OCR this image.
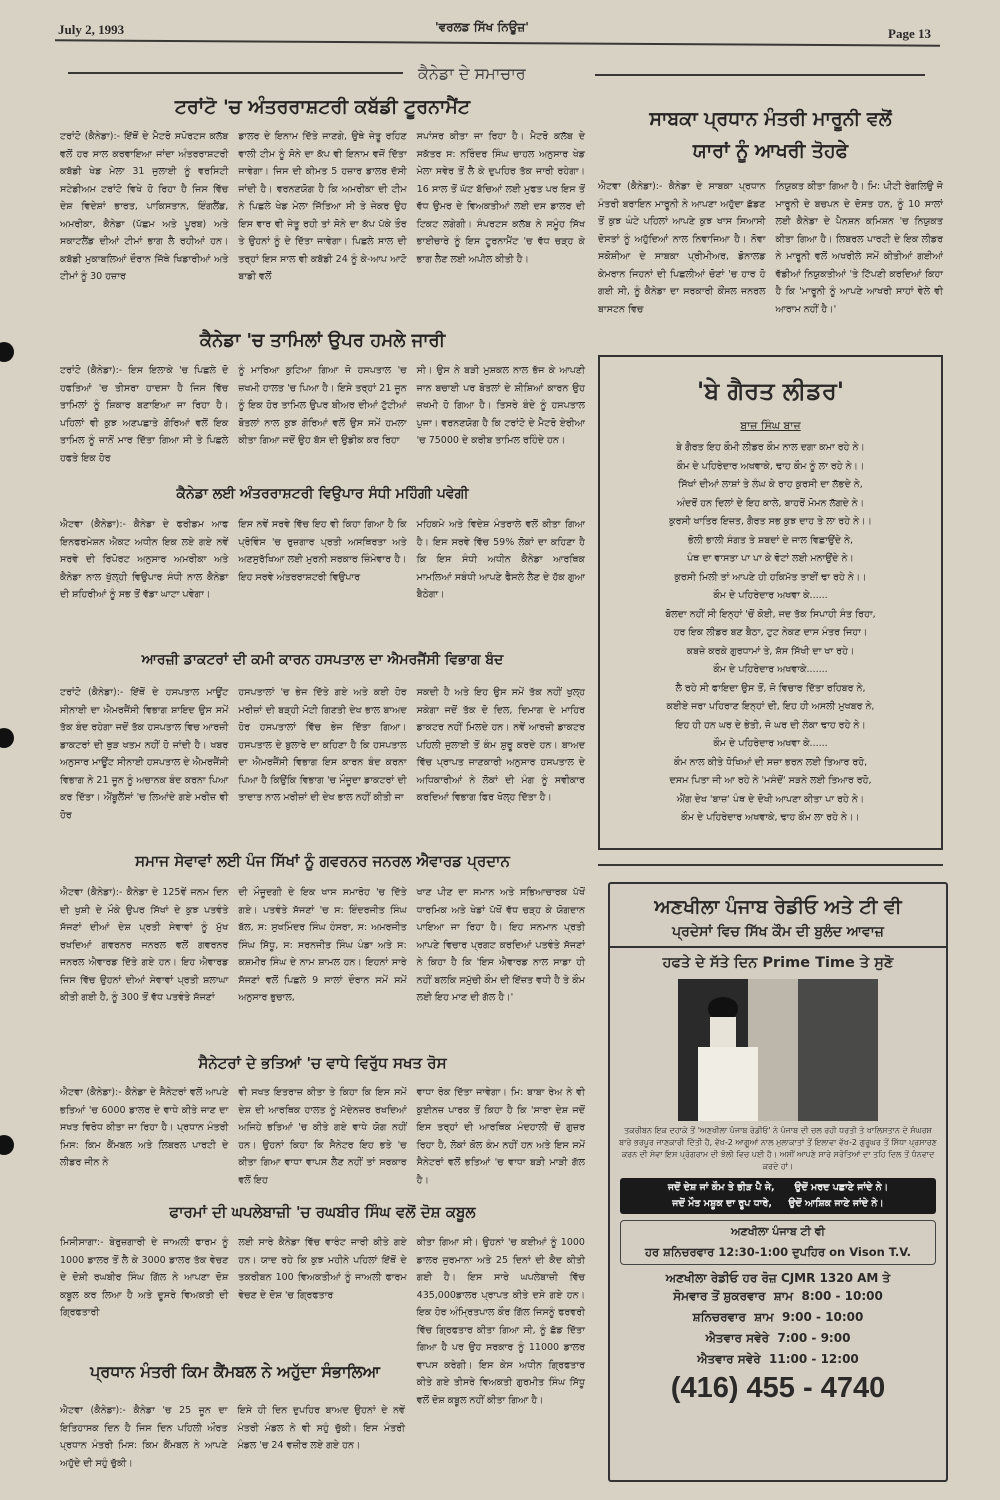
July 2, 1993	'ਵਰਲਡ ਸਿੱਖ ਨਿਊਜ਼'	Page 13
ਕੈਨੇਡਾ ਦੇ ਸਮਾਚਾਰ
ਟਰਾਂਟੋ 'ਚ ਅੰਤਰਰਾਸ਼ਟਰੀ ਕਬੱਡੀ ਟੂਰਨਾਮੈਂਟ
ਟਰਾਂਟੋ (ਕੈਨੇਡਾ):- ਇੱਥੋਂ ਦੇ ਮੈਟਰੋ ਸਪੋਰਟਸ ਕਲੱਬ ਵਲੋਂ ਹਰ ਸਾਲ ਕਰਵਾਇਆ ਜਾਂਦਾ ਅੰਤਰਰਾਸ਼ਟਰੀ ਕਬੱਡੀ ਖੇਡ ਮੇਲਾ 31 ਜੁਲਾਈ ਨੂੰ ਵਰਸਿਟੀ ਸਟੇਡੀਅਮ ਟਰਾਂਟੋ ਵਿਖੇ ਹੋ ਰਿਹਾ ਹੈ ਜਿਸ ਵਿੱਚ ਦੇਸ਼ ਵਿਦੇਸ਼ਾਂ ਭਾਰਤ, ਪਾਕਿਸਤਾਨ, ਇੰਗਲੈਂਡ, ਅਮਰੀਕਾ, ਕੈਨੇਡਾ (ਪੱਛਮ ਅਤੇ ਪੂਰਬ) ਅਤੇ ਸਕਾਟਲੈਂਡ ਦੀਆਂ ਟੀਮਾਂ ਭਾਗ ਲੈ ਰਹੀਆਂ ਹਨ। ਕਬੱਡੀ ਮੁਕਾਬਲਿਆਂ ਦੌਰਾਨ ਜਿੱਥੇ ਖਿਡਾਰੀਆਂ ਅਤੇ ਟੀਮਾਂ ਨੂੰ 30 ਹਜ਼ਾਰ
ਡਾਲਰ ਦੇ ਇਨਾਮ ਦਿੱਤੇ ਜਾਣਗੇ, ਉਥੇ ਜੇਤੂ ਰਹਿਣ ਵਾਲੀ ਟੀਮ ਨੂੰ ਸੋਨੇ ਦਾ ਕੱਪ ਵੀ ਇਨਾਮ ਵਜੋਂ ਦਿੱਤਾ ਜਾਵੇਗਾ। ਜਿਸ ਦੀ ਕੀਮਤ 5 ਹਜ਼ਾਰ ਡਾਲਰ ਦੱਸੀ ਜਾਂਦੀ ਹੈ। ਵਰਨਣਯੋਗ ਹੈ ਕਿ ਅਮਰੀਕਾ ਦੀ ਟੀਮ ਨੇ ਪਿਛਲੇ ਖੇਡ ਮੇਲਾ ਜਿੱਤਿਆ ਸੀ ਤੇ ਜੇਕਰ ਉਹ ਇਸ ਵਾਰ ਵੀ ਜੇਤੂ ਰਹੀ ਤਾਂ ਸੋਨੇ ਦਾ ਕੱਪ ਪੱਕੇ ਤੌਰ ਤੇ ਉਹਨਾਂ ਨੂੰ ਦੇ ਦਿੱਤਾ ਜਾਵੇਗਾ। ਪਿਛਲੇ ਸਾਲ ਦੀ ਤਰ੍ਹਾਂ ਇਸ ਸਾਲ ਵੀ ਕਬੱਡੀ 24 ਨੂੰ ਕੇ-ਆਪ ਆਟੋ ਬਾਡੀ ਵਲੋਂ
ਸਪਾਂਸਰ ਕੀਤਾ ਜਾ ਰਿਹਾ ਹੈ। ਮੈਟਰੋ ਕਲੱਬ ਦੇ ਸਕੱਤਰ ਸ: ਨਰਿੰਦਰ ਸਿੰਘ ਚਾਹਲ ਅਨੁਸਾਰ ਖੇਡ ਮੇਲਾ ਸਵੇਰ ਤੋਂ ਲੈ ਕੇ ਦੁਪਹਿਰ ਤੱਕ ਜਾਰੀ ਰਹੇਗਾ। 16 ਸਾਲ ਤੋਂ ਘੱਟ ਬੱਚਿਆਂ ਲਈ ਮੁਫਤ ਪਰ ਇਸ ਤੋਂ ਵੱਧ ਉਮਰ ਦੇ ਵਿਅਕਤੀਆਂ ਲਈ ਦਸ ਡਾਲਰ ਦੀ ਟਿਕਟ ਲਗੇਗੀ। ਸੰਪਰਟਸ ਕਲੱਬ ਨੇ ਸਮੂੰਹ ਸਿੱਖ ਭਾਈਚਾਰੇ ਨੂੰ ਇਸ ਟੂਰਨਾਮੈਂਟ 'ਚ ਵੱਧ ਚੜ੍ਹ ਕੇ ਭਾਗ ਲੈਣ ਲਈ ਅਪੀਲ ਕੀਤੀ ਹੈ।
ਕੈਨੇਡਾ 'ਚ ਤਾਮਿਲਾਂ ਉਪਰ ਹਮਲੇ ਜਾਰੀ
ਟਰਾਂਟੋ (ਕੈਨੇਡਾ):- ਇਸ ਇਲਾਕੇ 'ਚ ਪਿਛਲੇ ਦੋ ਹਫਤਿਆਂ 'ਚ ਤੀਸਰਾ ਹਾਦਸਾ ਹੈ ਜਿਸ ਵਿੱਚ ਤਾਮਿਲਾਂ ਨੂੰ ਸ਼ਿਕਾਰ ਬਣਾਇਆ ਜਾ ਰਿਹਾ ਹੈ। ਪਹਿਲਾਂ ਵੀ ਕੁਝ ਅਣਪਛਾਤੇ ਗੋਰਿਆਂ ਵਲੋਂ ਇਕ ਤਾਮਿਲ ਨੂੰ ਜਾਨੋਂ ਮਾਰ ਦਿੱਤਾ ਗਿਆ ਸੀ ਤੇ ਪਿਛਲੇ ਹਫਤੇ ਇਕ ਹੋਰ
ਨੂੰ ਮਾਰਿਆ ਕੁਟਿਆ ਗਿਆ ਜੋ ਹਸਪਤਾਲ 'ਚ ਜ਼ਖਮੀ ਹਾਲਤ 'ਚ ਪਿਆ ਹੈ। ਇਸੇ ਤਰ੍ਹਾਂ 21 ਜੂਨ ਨੂੰ ਇਕ ਹੋਰ ਤਾਮਿਲ ਉਪਰ ਬੀਅਰ ਦੀਆਂ ਟੁੱਟੀਆਂ ਬੋਤਲਾਂ ਨਾਲ ਕੁਝ ਗੋਰਿਆਂ ਵਲੋਂ ਉਸ ਸਮੇਂ ਹਮਲਾ ਕੀਤਾ ਗਿਆ ਜਦੋਂ ਉਹ ਬੱਸ ਦੀ ਉਡੀਕ ਕਰ ਰਿਹਾ
ਸੀ। ਉਸ ਨੇ ਬੜੀ ਮੁਸ਼ਕਲ ਨਾਲ ਭੱਜ ਕੇ ਆਪਣੀ ਜਾਨ ਬਚਾਈ ਪਰ ਬੋਤਲਾਂ ਦੇ ਸ਼ੀਸ਼ਿਆਂ ਕਾਰਨ ਉਹ ਜ਼ਖਮੀ ਹੋ ਗਿਆ ਹੈ। ਤਿਸਰੇ ਬੰਦੇ ਨੂੰ ਹਸਪਤਾਲ ਪੁਜਾ। ਵਰਨਣਯੋਗ ਹੈ ਕਿ ਟਰਾਂਟੋ ਦੇ ਮੈਟਰੋ ਏਰੀਆ 'ਚ 75000 ਦੇ ਕਰੀਬ ਤਾਮਿਲ ਰਹਿੰਦੇ ਹਨ।
ਕੈਨੇਡਾ ਲਈ ਅੰਤਰਰਾਸ਼ਟਰੀ ਵਿਉਪਾਰ ਸੰਧੀ ਮਹਿੰਗੀ ਪਵੇਗੀ
ਐਟਵਾ (ਕੈਨੇਡਾ):- ਕੈਨੇਡਾ ਦੇ ਫਰੀਡਮ ਆਫ ਇਨਫਰਮੇਸ਼ਨ ਐਕਟ ਅਧੀਨ ਇਕ ਲਏ ਗਏ ਨਵੇਂ ਸਰਵੇ ਦੀ ਰਿਪੋਰਟ ਅਨੁਸਾਰ ਅਮਰੀਕਾ ਅਤੇ ਕੈਨੇਡਾ ਨਾਲ ਖੁੱਲ੍ਹੀ ਵਿਉਪਾਰ ਸੰਧੀ ਨਾਲ ਕੈਨੇਡਾ ਦੀ ਸ਼ਹਿਰੀਆਂ ਨੂੰ ਸਭ ਤੋਂ ਵੱਡਾ ਘਾਟਾ ਪਵੇਗਾ।
ਇਸ ਨਵੇਂ ਸਰਵੇ ਵਿੱਚ ਇਹ ਵੀ ਕਿਹਾ ਗਿਆ ਹੈ ਕਿ ਪ੍ਰੋਵਿੰਸ 'ਚ ਰੁਜ਼ਗਾਰ ਪ੍ਰਤੀ ਅਸਥਿਰਤਾ ਅਤੇ ਅਣਸੁਰੱਖਿਆ ਲਈ ਮੁਰਨੀ ਸਰਕਾਰ ਜ਼ਿੰਮੇਵਾਰ ਹੈ। ਇਹ ਸਰਵੇ ਅੰਤਰਰਾਸ਼ਟਰੀ ਵਿਉਪਾਰ
ਮਹਿਕਮੇ ਅਤੇ ਵਿਦੇਸ਼ ਮੰਤਰਾਲੇ ਵਲੋਂ ਕੀਤਾ ਗਿਆ ਹੈ। ਇਸ ਸਰਵੇ ਵਿੱਚ 59% ਲੋਕਾਂ ਦਾ ਕਹਿਣਾ ਹੈ ਕਿ ਇਸ ਸੰਧੀ ਅਧੀਨ ਕੈਨੇਡਾ ਆਰਥਿਕ ਮਾਮਲਿਆਂ ਸਬੰਧੀ ਆਪਣੇ ਫੈਸਲੇ ਲੈਣ ਦੇ ਹੱਕ ਗੁਆ ਬੈਠੇਗਾ।
ਆਰਜ਼ੀ ਡਾਕਟਰਾਂ ਦੀ ਕਮੀ ਕਾਰਨ ਹਸਪਤਾਲ ਦਾ ਐਮਰਜੈਂਸੀ ਵਿਭਾਗ ਬੰਦ
ਟਰਾਂਟੋ (ਕੈਨੇਡਾ):- ਇੱਥੋਂ ਦੇ ਹਸਪਤਾਲ ਮਾਊਂਟ ਸੀਨਾਈ ਦਾ ਐਮਰਜੈਂਸੀ ਵਿਭਾਗ ਸ਼ਾਇਦ ਉਸ ਸਮੇਂ ਤੱਕ ਬੰਦ ਰਹੇਗਾ ਜਦੋਂ ਤੱਕ ਹਸਪਤਾਲ ਵਿਚ ਆਰਜ਼ੀ ਡਾਕਟਰਾਂ ਦੀ ਥੁੜ ਖਤਮ ਨਹੀਂ ਹੋ ਜਾਂਦੀ ਹੈ। ਖਬਰ ਅਨੁਸਾਰ ਮਾਊਂਟ ਸੀਨਾਈ ਹਸਪਤਾਲ ਦੇ ਐਮਰਜੈਂਸੀ ਵਿਭਾਗ ਨੇ 21 ਜੂਨ ਨੂੰ ਅਚਾਨਕ ਬੰਦ ਕਰਨਾ ਪਿਆ ਕਰ ਦਿੱਤਾ। ਐਂਬੂਲੈਂਸਾਂ 'ਚ ਲਿਆਂਦੇ ਗਏ ਮਰੀਜ਼ ਵੀ ਹੋਰ
ਹਸਪਤਾਲਾਂ 'ਚ ਭੇਜ ਦਿੱਤੇ ਗਏ ਅਤੇ ਕਈ ਹੋਰ ਮਰੀਜ਼ਾਂ ਦੀ ਬੜ੍ਹੀ ਮੋਟੀ ਗਿਣਤੀ ਦੇਖ ਭਾਲ ਬਾਅਦ ਹੋਰ ਹਸਪਤਾਲਾਂ ਵਿੱਚ ਭੇਜ ਦਿੱਤਾ ਗਿਆ। ਹਸਪਤਾਲ ਦੇ ਬੁਲਾਰੇ ਦਾ ਕਹਿਣਾ ਹੈ ਕਿ ਹਸਪਤਾਲ ਦਾ ਐਮਰਜੈਂਸੀ ਵਿਭਾਗ ਇਸ ਕਾਰਨ ਬੰਦ ਕਰਨਾ ਪਿਆ ਹੈ ਕਿਉਂਕਿ ਵਿਭਾਗ 'ਚ ਮੌਜੂਦਾ ਡਾਕਟਰਾਂ ਦੀ ਤਾਦਾਤ ਨਾਲ ਮਰੀਜ਼ਾਂ ਦੀ ਦੇਖ ਭਾਲ ਨਹੀਂ ਕੀਤੀ ਜਾ
ਸਕਦੀ ਹੈ ਅਤੇ ਇਹ ਉਸ ਸਮੇਂ ਤੱਕ ਨਹੀਂ ਖੁਲ੍ਹ ਸਕੇਗਾ ਜਦੋਂ ਤੱਕ ਦੋ ਦਿਲ, ਦਿਮਾਗ ਦੇ ਮਾਹਿਰ ਡਾਕਟਰ ਨਹੀਂ ਮਿਲਦੇ ਹਨ। ਨਵੇਂ ਆਰਜ਼ੀ ਡਾਕਟਰ ਪਹਿਲੀ ਜੁਲਾਈ ਤੋਂ ਕੰਮ ਸ਼ੁਰੂ ਕਰਦੇ ਹਨ। ਬਾਅਦ ਵਿੱਚ ਪ੍ਰਾਪਤ ਜਾਣਕਾਰੀ ਅਨੁਸਾਰ ਹਸਪਤਾਲ ਦੇ ਅਧਿਕਾਰੀਆਂ ਨੇ ਲੋਕਾਂ ਦੀ ਮੰਗ ਨੂੰ ਸਵੀਕਾਰ ਕਰਦਿਆਂ ਵਿਭਾਗ ਫਿਰ ਖੋਲ੍ਹ ਦਿੱਤਾ ਹੈ।
ਸਮਾਜ ਸੇਵਾਵਾਂ ਲਈ ਪੰਜ ਸਿੱਖਾਂ ਨੂੰ ਗਵਰਨਰ ਜਨਰਲ ਐਵਾਰਡ ਪ੍ਰਦਾਨ
ਐਟਵਾ (ਕੈਨੇਡਾ):- ਕੈਨੇਡਾ ਦੇ 125ਵੇਂ ਜਨਮ ਦਿਨ ਦੀ ਖੁਸ਼ੀ ਦੇ ਮੌਕੇ ਉਪਰ ਸਿੱਖਾਂ ਦੇ ਕੁਝ ਪਤਵੰਤੇ ਸੱਜਣਾਂ ਦੀਆਂ ਦੇਸ਼ ਪ੍ਰਤੀ ਸੇਵਾਵਾਂ ਨੂੰ ਮੁੱਖ ਰਖਦਿਆਂ ਗਵਰਨਰ ਜਨਰਲ ਵਲੋਂ ਗਵਰਨਰ ਜਨਰਲ ਐਵਾਰਡ ਦਿੱਤੇ ਗਏ ਹਨ। ਇਹ ਐਵਾਰਡ ਜਿਸ ਵਿੱਚ ਉਹਨਾਂ ਦੀਆਂ ਸੇਵਾਵਾਂ ਪ੍ਰਤੀ ਸ਼ਲਾਘਾ ਕੀਤੀ ਗਈ ਹੈ, ਨੂੰ 300 ਤੋਂ ਵੱਧ ਪਤਵੰਤੇ ਸੱਜਣਾਂ
ਦੀ ਮੌਜੂਦਗੀ ਦੇ ਇਕ ਖਾਸ ਸਮਾਰੋਹ 'ਚ ਦਿੱਤੇ ਗਏ। ਪਤਵੰਤੇ ਸੱਜਣਾਂ 'ਚ ਸ: ਇੰਦਰਜੀਤ ਸਿੰਘ ਬੱਲ, ਸ: ਸੁਖਮਿੰਦਰ ਸਿੰਘ ਹੰਸਰਾ, ਸ: ਅਮਰਜੀਤ ਸਿੰਘ ਸਿੱਧੂ, ਸ: ਸਰਨਜੀਤ ਸਿੰਘ ਪੰਡਾ ਅਤੇ ਸ: ਕਸ਼ਮੀਰ ਸਿੰਘ ਦੇ ਨਾਮ ਸ਼ਾਮਲ ਹਨ। ਇਹਨਾਂ ਸਾਰੇ ਸੱਜਣਾਂ ਵਲੋਂ ਪਿਛਲੇ 9 ਸਾਲਾਂ ਦੌਰਾਨ ਸਮੇਂ ਸਮੇਂ ਅਨੁਸਾਰ ਭੁਚਾਲ,
ਖਾਣ ਪੀਣ ਦਾ ਸਮਾਨ ਅਤੇ ਸਭਿਆਚਾਰਕ ਪੱਖੋਂ ਧਾਰਮਿਕ ਅਤੇ ਖੇਡਾਂ ਪੱਖੋਂ ਵੱਧ ਚੜ੍ਹ ਕੇ ਯੋਗਦਾਨ ਪਾਇਆ ਜਾ ਰਿਹਾ ਹੈ। ਇਹ ਸਨਮਾਨ ਪ੍ਰਤੀ ਆਪਣੇ ਵਿਚਾਰ ਪ੍ਰਗਟ ਕਰਦਿਆਂ ਪਤਵੰਤੇ ਸੱਜਣਾਂ ਨੇ ਕਿਹਾ ਹੈ ਕਿ 'ਇਸ ਐਵਾਰਡ ਨਾਲ ਸਾਡਾ ਹੀ ਨਹੀਂ ਬਲਕਿ ਸਮੁੱਚੀ ਕੌਮ ਦੀ ਇੱਜ਼ਤ ਵਧੀ ਹੈ ਤੇ ਕੌਮ ਲਈ ਇਹ ਮਾਣ ਦੀ ਗੱਲ ਹੈ।'
ਸੈਨੇਟਰਾਂ ਦੇ ਭਤਿਆਂ 'ਚ ਵਾਧੇ ਵਿਰੁੱਧ ਸਖਤ ਰੋਸ
ਐਟਵਾ (ਕੈਨੇਡਾ):- ਕੈਨੇਡਾ ਦੇ ਸੈਨੇਟਰਾਂ ਵਲੋਂ ਆਪਣੇ ਭਤਿਆਂ 'ਚ 6000 ਡਾਲਰ ਦੇ ਵਾਧੇ ਕੀਤੇ ਜਾਣ ਦਾ ਸਖਤ ਵਿਰੋਧ ਕੀਤਾ ਜਾ ਰਿਹਾ ਹੈ। ਪ੍ਰਧਾਨ ਮੰਤਰੀ ਮਿਸ: ਕਿਮ ਕੈਂਮਬਲ ਅਤੇ ਲਿਬਰਲ ਪਾਰਟੀ ਦੇ ਲੀਡਰ ਜੀਨ ਨੇ
ਵੀ ਸਖਤ ਇਤਰਾਜ਼ ਕੀਤਾ ਤੇ ਕਿਹਾ ਕਿ ਇਸ ਸਮੇਂ ਦੇਸ਼ ਦੀ ਆਰਥਿਕ ਹਾਲਤ ਨੂੰ ਮੱਦੇਨਜ਼ਰ ਰਖਦਿਆਂ ਅਜਿਹੇ ਭਤਿਆਂ 'ਚ ਕੀਤੇ ਗਏ ਵਾਧੇ ਯੋਗ ਨਹੀਂ ਹਨ। ਉਹਨਾਂ ਕਿਹਾ ਕਿ ਸੈਨੇਟਰ ਇਹ ਭਤੇ 'ਚ ਕੀਤਾ ਗਿਆ ਵਾਧਾ ਵਾਪਸ ਲੈਣ ਨਹੀਂ ਤਾਂ ਸਰਕਾਰ ਵਲੋਂ ਇਹ
ਵਾਧਾ ਰੋਕ ਦਿੱਤਾ ਜਾਵੇਗਾ। ਮਿ: ਬਾਬਾ ਰੇਅ ਨੇ ਵੀ ਕੁਈਨਜ਼ ਪਾਰਕ ਤੋਂ ਕਿਹਾ ਹੈ ਕਿ 'ਸਾਰਾ ਦੇਸ਼ ਜਦੋਂ ਇਸ ਤਰ੍ਹਾਂ ਦੀ ਆਰਥਿਕ ਮੰਦਹਾਲੀ ਚੋਂ ਗੁਜ਼ਰ ਰਿਹਾ ਹੈ, ਲੋਕਾਂ ਕੋਲ ਕੰਮ ਨਹੀਂ ਹਨ ਅਤੇ ਇਸ ਸਮੇਂ ਸੈਨੇਟਰਾਂ ਵਲੋਂ ਭਤਿਆਂ 'ਚ ਵਾਧਾ ਬੜੀ ਮਾੜੀ ਗੱਲ ਹੈ।
ਫਾਰਮਾਂ ਦੀ ਘਪਲੇਬਾਜ਼ੀ 'ਚ ਰਘਬੀਰ ਸਿੰਘ ਵਲੋਂ ਦੋਸ਼ ਕਬੂਲ
ਮਿਸੀਸਾਗਾ:- ਬੇਰੁਜ਼ਗਾਰੀ ਦੇ ਜਾਅਲੀ ਫਾਰਮ ਨੂੰ 1000 ਡਾਲਰ ਤੋਂ ਲੈ ਕੇ 3000 ਡਾਲਰ ਤੱਕ ਵੇਚਣ ਦੇ ਦੋਸ਼ੀ ਰਘਬੀਰ ਸਿੰਘ ਗਿੱਲ ਨੇ ਆਪਣਾ ਦੋਸ਼ ਕਬੂਲ ਕਰ ਲਿਆ ਹੈ ਅਤੇ ਦੂਸਰੇ ਵਿਅਕਤੀ ਦੀ ਗ੍ਰਿਫਤਾਰੀ
ਲਈ ਸਾਰੇ ਕੈਨੇਡਾ ਵਿੱਚ ਵਾਰੰਟ ਜਾਰੀ ਕੀਤੇ ਗਏ ਹਨ। ਯਾਦ ਰਹੇ ਕਿ ਕੁਝ ਮਹੀਨੇ ਪਹਿਲਾਂ ਇੱਥੋਂ ਦੇ ਤਕਰੀਬਨ 100 ਵਿਅਕਤੀਆਂ ਨੂੰ ਜਾਅਲੀ ਫਾਰਮ ਵੇਚਣ ਦੇ ਦੋਸ਼ 'ਚ ਗ੍ਰਿਫਤਾਰ
ਕੀਤਾ ਗਿਆ ਸੀ। ਉਹਨਾਂ 'ਚ ਕਈਆਂ ਨੂੰ 1000 ਡਾਲਰ ਜੁਰਮਾਨਾ ਅਤੇ 25 ਦਿਨਾਂ ਦੀ ਕੈਦ ਕੀਤੀ ਗਈ ਹੈ। ਇਸ ਸਾਰੇ ਘਪਲੇਬਾਜ਼ੀ ਵਿੱਚ 435,000ਡਾਲਰ ਪ੍ਰਾਪਤ ਕੀਤੇ ਦਸੇ ਗਏ ਹਨ। ਇਕ ਹੋਰ ਅੰਮ੍ਰਿਤਪਾਲ ਕੌਰ ਗਿੱਲ ਜਿਸਨੂੰ ਫਰਵਰੀ ਵਿੱਚ ਗ੍ਰਿਫਤਾਰ ਕੀਤਾ ਗਿਆ ਸੀ, ਨੂੰ ਛੱਡ ਦਿੱਤਾ ਗਿਆ ਹੈ ਪਰ ਉਹ ਸਰਕਾਰ ਨੂੰ 11000 ਡਾਲਰ ਵਾਪਸ ਕਰੇਗੀ। ਇਸ ਕੇਸ ਅਧੀਨ ਗ੍ਰਿਫਤਾਰ ਕੀਤੇ ਗਏ ਤੀਸਰੇ ਵਿਅਕਤੀ ਗੁਰਮੀਤ ਸਿੰਘ ਸਿੱਧੂ ਵਲੋਂ ਦੋਸ਼ ਕਬੂਲ ਨਹੀਂ ਕੀਤਾ ਗਿਆ ਹੈ।
ਪ੍ਰਧਾਨ ਮੰਤਰੀ ਕਿਮ ਕੈਂਮਬਲ ਨੇ ਅਹੁੱਦਾ ਸੰਭਾਲਿਆ
ਐਟਵਾ (ਕੈਨੇਡਾ):- ਕੈਨੇਡਾ 'ਚ 25 ਜੂਨ ਦਾ ਇਤਿਹਾਸਕ ਦਿਨ ਹੈ ਜਿਸ ਦਿਨ ਪਹਿਲੀ ਔਰਤ ਪ੍ਰਧਾਨ ਮੰਤਰੀ ਮਿਸ: ਕਿਮ ਕੈਂਮਬਲ ਨੇ ਆਪਣੇ ਅਹੁੱਦੇ ਦੀ ਸਹੁੰ ਚੁੱਕੀ।
ਇਸੇ ਹੀ ਦਿਨ ਦੁਪਹਿਰ ਬਾਅਦ ਉਹਨਾਂ ਦੇ ਨਵੇਂ ਮੰਤਰੀ ਮੰਡਲ ਨੇ ਵੀ ਸਹੁੰ ਚੁੱਕੀ। ਇਸ ਮੰਤਰੀ ਮੰਡਲ 'ਚ 24 ਵਜ਼ੀਰ ਲਏ ਗਏ ਹਨ।
ਸਾਬਕਾ ਪ੍ਰਧਾਨ ਮੰਤਰੀ ਮਾਰੂਨੀ ਵਲੋਂ
ਯਾਰਾਂ ਨੂੰ ਆਖਰੀ ਤੋਹਫੇ
ਐਟਵਾ (ਕੈਨੇਡਾ):- ਕੈਨੇਡਾ ਦੇ ਸਾਬਕਾ ਪ੍ਰਧਾਨ ਮੰਤਰੀ ਬਰਾਇਨ ਮਾਰੂਨੀ ਨੇ ਆਪਣਾ ਅਹੁੱਦਾ ਛੱਡਣ ਤੋਂ ਕੁਝ ਘੰਟੇ ਪਹਿਲਾਂ ਆਪਣੇ ਕੁਝ ਖਾਸ ਸਿਆਸੀ ਦੋਸਤਾਂ ਨੂੰ ਅਹੁੱਦਿਆਂ ਨਾਲ ਨਿਵਾਜਿਆ ਹੈ। ਨੋਵਾ ਸਕੋਸ਼ੀਆ ਦੇ ਸਾਬਕਾ ਪ੍ਰੀਮੀਅਰ, ਡੋਨਾਲਡ ਕੇਮਰਾਨ ਜਿਹਨਾਂ ਦੀ ਪਿਛਲੀਆਂ ਚੋਣਾਂ 'ਚ ਹਾਰ ਹੋ ਗਈ ਸੀ, ਨੂੰ ਕੈਨੇਡਾ ਦਾ ਸਰਕਾਰੀ ਕੌਂਸਲ ਜਨਰਲ ਬਾਸਟਨ ਵਿਚ
ਨਿਯੁਕਤ ਕੀਤਾ ਗਿਆ ਹੈ। ਮਿ: ਪੀਟੀ ਰੇਗਲਿਉ ਜੋ ਮਾਰੂਨੀ ਦੇ ਬਚਪਨ ਦੇ ਦੋਸਤ ਹਨ, ਨੂੰ 10 ਸਾਲਾਂ ਲਈ ਕੈਨੇਡਾ ਦੇ ਪੈਨਸ਼ਨ ਕਮਿਸ਼ਨ 'ਚ ਨਿਯੁਕਤ ਕੀਤਾ ਗਿਆ ਹੈ। ਲਿਬਰਲ ਪਾਰਟੀ ਦੇ ਇਕ ਲੀਡਰ ਨੇ ਮਾਰੂਨੀ ਵਲੋਂ ਅਖਰੀਲੇ ਸਮੇਂ ਕੀਤੀਆਂ ਗਈਆਂ ਵੱਡੀਆਂ ਨਿਯੁਕਤੀਆਂ 'ਤੇ ਟਿੱਪਣੀ ਕਰਦਿਆਂ ਕਿਹਾ ਹੈ ਕਿ 'ਮਾਰੂਨੀ ਨੂੰ ਆਪਣੇ ਆਖਰੀ ਸਾਹਾਂ ਵੇਲੇ ਵੀ ਆਰਾਮ ਨਹੀਂ ਹੈ।'
'ਬੇ ਗੈਰਤ ਲੀਡਰ'
ਬਾਜ਼ ਸਿੰਘ ਬਾਜ਼

ਬੇ ਗੈਰਤ ਇਹ ਕੌਮੀ ਲੀਡਰ ਕੌਮ ਨਾਲ ਦਗਾ ਕਮਾ ਰਹੇ ਨੇ।

ਕੌਮ ਦੇ ਪਹਿਰੇਦਾਰ ਅਖਵਾਕੇ, ਢਾਹ ਕੌਮ ਨੂੰ ਲਾ ਰਹੇ ਨੇ।।

ਸਿੱਖਾਂ ਦੀਆਂ ਲਾਸ਼ਾਂ ਤੇ ਲੰਘ ਕੇ ਰਾਹ ਕੁਰਸੀ ਦਾ ਲੱਭਦੇ ਨੇ,

ਅੰਦਰੋਂ ਹਨ ਦਿਲਾਂ ਦੇ ਇਹ ਕਾਲੇ, ਬਾਹਰੋਂ ਮੋਮਨ ਲੱਗਦੇ ਨੇ।

ਕੁਰਸੀ ਖਾਤਿਰ ਇਜ਼ਤ, ਗੈਰਤ ਸਭ ਕੁਝ ਦਾਹ ਤੇ ਲਾ ਰਹੇ ਨੇ।।

ਭੋਲੀ ਭਾਲੀ ਸੰਗਤ ਤੇ ਸ਼ਬਦਾਂ ਦੇ ਜਾਲ ਵਿਛਾਉਂਦੇ ਨੇ,

ਪੰਥ ਦਾ ਵਾਸਤਾ ਪਾ ਪਾ ਕੇ ਵੋਟਾਂ ਲਈ ਮਨਾਉਂਦੇ ਨੇ।

ਕੁਰਸੀ ਮਿਲੀ ਤਾਂ ਆਪਣੇ ਹੀ ਹਕਿਮੱਤ ਤਾਈਂ ਢਾ ਰਹੇ ਨੇ।।

ਕੌਮ ਦੇ ਪਹਿਰੇਦਾਰ ਅਖਵਾ ਕੇ......

ਬੋਲਦਾ ਨਹੀਂ ਸੀ ਇਨ੍ਹਾਂ 'ਚੋਂ ਕੋਈ, ਜਦ ਤੱਕ ਸਿਪਾਹੀ ਸੰਤ ਰਿਹਾ,

ਹਰ ਇਕ ਲੀਡਰ ਬਣ ਬੈਠਾ, ਟੁਟ ਨੇਕਣ ਦਾਸ ਮੰਤਰ ਜਿਹਾ।

ਕਬਜ਼ੇ ਕਰਕੇ ਗੁਰਧਾਮਾਂ ਤੇ, ਸ਼ੱਸ ਸਿੱਖੀ ਦਾ ਖਾ ਰਹੇ।

ਕੌਮ ਦੇ ਪਹਿਰੇਦਾਰ ਅਖਵਾਕੇ.......

ਲੈ ਰਹੇ ਸੀ ਫਾਇਦਾ ਉਸ ਤੋਂ, ਜੋ ਵਿਚਾਰ ਦਿੱਤਾ ਰਹਿਬਰ ਨੇ,

ਕਈਏ ਜਰਾ ਪਹਿਰਾਣ ਇਨ੍ਹਾਂ ਦੀ, ਇਹ ਹੀ ਅਸਲੀ ਮੁਖਬਰ ਨੇ,

ਇਹ ਹੀ ਹਨ ਘਰ ਦੇ ਭੇਤੀ, ਜੋ ਘਰ ਦੀ ਲੰਕਾ ਢਾਹ ਰਹੇ ਨੇ।

ਕੌਮ ਦੇ ਪਹਿਰੇਦਾਰ ਅਖਵਾ ਕੇ......

ਕੌਮ ਨਾਲ ਕੀਤੇ ਧੋਖਿਆਂ ਦੀ ਸਜ਼ਾ ਭਰਨ ਲਈ ਤਿਆਰ ਰਹੋ,

ਦਸਮ ਪਿਤਾ ਜੀ ਆ ਰਹੇ ਨੇ 'ਮਸੰਦੋਂ' ਸੜਨੇ ਲਈ ਤਿਆਰ ਰਹੋ,

ਐਂਗ ਦੇਖ 'ਬਾਜ਼' ਪੰਥ ਦੇ ਦੋਖੀ ਆਪਣਾ ਕੀਤਾ ਪਾ ਰਹੇ ਨੇ।

ਕੌਮ ਦੇ ਪਹਿਰੇਦਾਰ ਅਖਵਾਕੇ, ਢਾਹ ਕੌਮ ਲਾ ਰਹੇ ਨੇ।।

ਅਣਖੀਲਾ ਪੰਜਾਬ ਰੇਡੀਓ ਅਤੇ ਟੀ ਵੀ
ਪ੍ਰਦੇਸਾਂ ਵਿਚ ਸਿੱਖ ਕੌਮ ਦੀ ਬੁਲੰਦ ਆਵਾਜ਼
ਹਫਤੇ ਦੇ ਸੱਤੇ ਦਿਨ Prime Time ਤੇ ਸੁਣੋ
ਤਕਰੀਬਨ ਇਕ ਦਹਾਕੇ ਤੋਂ 'ਅਣਖੀਲਾ ਪੰਜਾਬ ਰੇਡੀਓ' ਨੇ ਪੰਜਾਬ ਦੀ ਚਲ ਰਹੀ ਧਰਤੀ ਤੇ ਖਾਲਿਸਤਾਨ ਦੇ ਸੰਘਰਸ਼ ਬਾਰੇ ਭਰਪੂਰ ਜਾਣਕਾਰੀ ਦਿੱਤੀ ਹੈ, ਵੱਖ-2 ਆਗੂਆਂ ਨਾਲ ਮੁਲਾਕਾਤਾਂ ਤੋਂ ਇਲਾਵਾ ਵੱਖ-2 ਗੁਰੂਘਰ ਤੋਂ ਸਿੱਧਾ ਪ੍ਰਸਾਰਣ ਕਰਨ ਦੀ ਸੇਵਾ ਇਸ ਪ੍ਰੋਗਰਾਮ ਦੀ ਝੋਲੀ ਵਿਚ ਪਈ ਹੈ। ਅਸੀਂ ਆਪਣੇ ਸਾਰੇ ਸਰੋਤਿਆਂ ਦਾ ਤਹਿ ਦਿਲ ਤੋਂ ਧੰਨਵਾਦ ਕਰਦੇ ਹਾਂ।
ਜਦੋਂ ਦੇਸ਼ ਜਾਂ ਕੌਮ ਤੇ ਭੀੜ ਪੈ ਜੇ,      ਉਦੋਂ ਮਰਦ ਪਛਾਣੇ ਜਾਂਦੇ ਨੇ।
ਜਦੋਂ ਮੌਤ ਮਸ਼ੂਕ ਦਾ ਰੂਪ ਧਾਰੇ,     ਉਦੋਂ ਆਸ਼ਿਕ ਜਾਣੇ ਜਾਂਦੇ ਨੇ।
ਅਣਖੀਲਾ ਪੰਜਾਬ ਟੀ ਵੀ
ਹਰ ਸ਼ਨਿਚਰਵਾਰ 12:30-1:00 ਦੁਪਹਿਰ on Vison T.V.
ਅਣਖੀਲਾ ਰੇਡੀਓ ਹਰ ਰੋਜ਼ CJMR 1320 AM ਤੇ
ਸੋਮਵਾਰ ਤੋਂ ਸ਼ੁਕਰਵਾਰ  ਸ਼ਾਮ  8:00 - 10:00
ਸ਼ਨਿਚਰਵਾਰ  ਸ਼ਾਮ  9:00 - 10:00
ਐਤਵਾਰ ਸਵੇਰੇ  7:00 - 9:00
ਐਤਵਾਰ ਸਵੇਰੇ  11:00 - 12:00
(416) 455 - 4740
